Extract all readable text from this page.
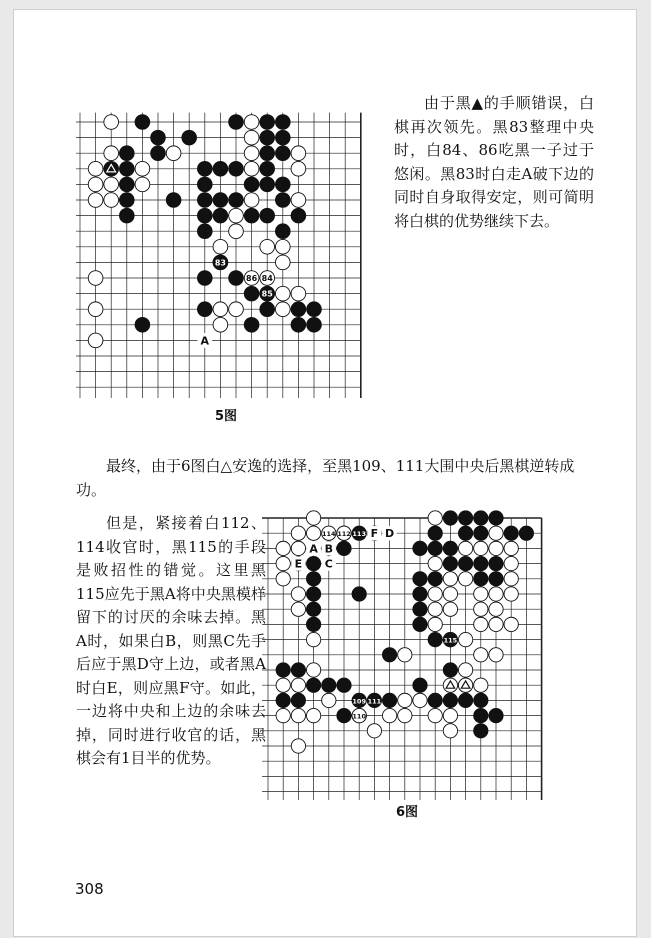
83
84
86
85
A
114 112 113
115
109 111
110
A B
C
F D
E

由于黑▲的手顺错误，白棋再次领先。黑83整理中央时，白84、86吃黑一子过于悠闲。黑83时白走A破下边的同时自身取得安定，则可简明将白棋的优势继续下去。

5图

最终，由于6图白△安逸的选择，至黑109、111大围中央后黑棋逆转成功。

但是，紧接着白112、114收官时，黑115的手段是败招性的错觉。这里黑115应先于黑A将中央黑模样留下的讨厌的余味去掉。黑A时，如果白B，则黑C先手后应于黑D守上边，或者黑A时白E，则应黑F守。如此，一边将中央和上边的余味去掉，同时进行收官的话，黑棋会有1目半的优势。

6图
308
